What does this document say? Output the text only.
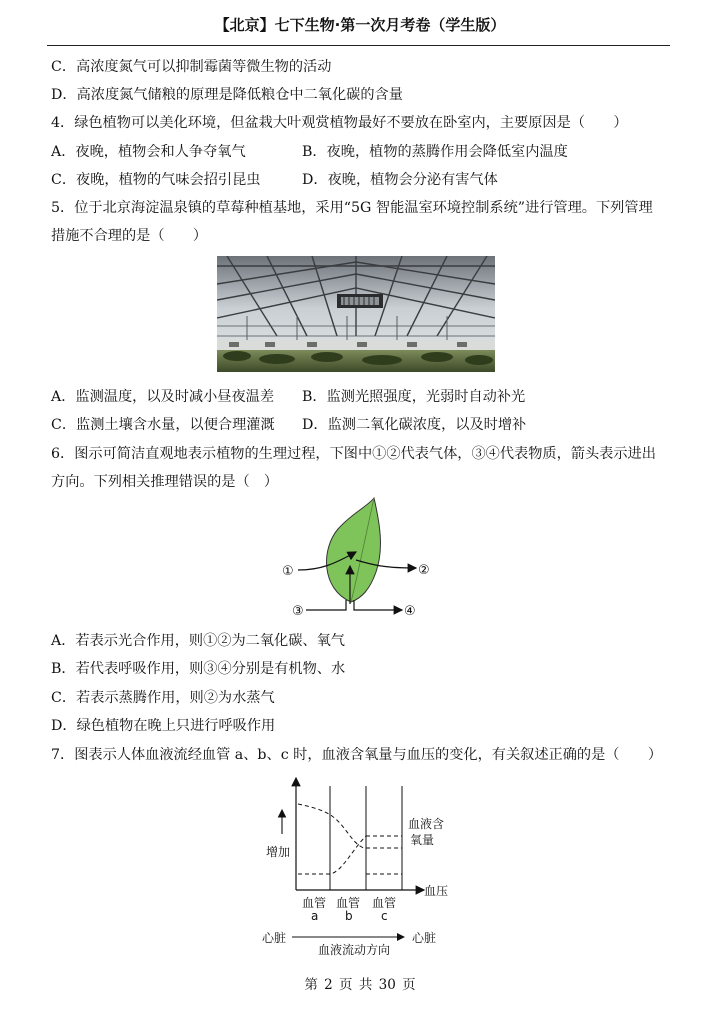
【北京】七下生物·第一次月考卷（学生版）
C．高浓度氮气可以抑制霉菌等微生物的活动
D．高浓度氮气储粮的原理是降低粮仓中二氧化碳的含量
4．绿色植物可以美化环境，但盆栽大叶观赏植物最好不要放在卧室内，主要原因是（　　）
A．夜晚，植物会和人争夺氧气	B．夜晚，植物的蒸腾作用会降低室内温度
C．夜晚，植物的气味会招引昆虫	D．夜晚，植物会分泌有害气体
5．位于北京海淀温泉镇的草莓种植基地，采用“5G 智能温室环境控制系统”进行管理。下列管理
措施不合理的是（　　）
A．监测温度，以及时减小昼夜温差 B．监测光照强度，光弱时自动补光
C．监测土壤含水量，以便合理灌溉 D．监测二氧化碳浓度，以及时增补
6．图示可简洁直观地表示植物的生理过程，下图中①②代表气体，③④代表物质，箭头表示进出
方向。下列相关推理错误的是（　）
①	②
③	④
A．若表示光合作用，则①②为二氧化碳、氧气
B．若代表呼吸作用，则③④分别是有机物、水
C．若表示蒸腾作用，则②为水蒸气
D．绿色植物在晚上只进行呼吸作用
7．图表示人体血液流经血管 a、b、c 时，血液含氧量与血压的变化，有关叙述正确的是（　　）
增加
血液含
氧量
血压
血管 血管 血管
a b c
心脏
血液流动方向
心脏
第 2 页 共 30 页
